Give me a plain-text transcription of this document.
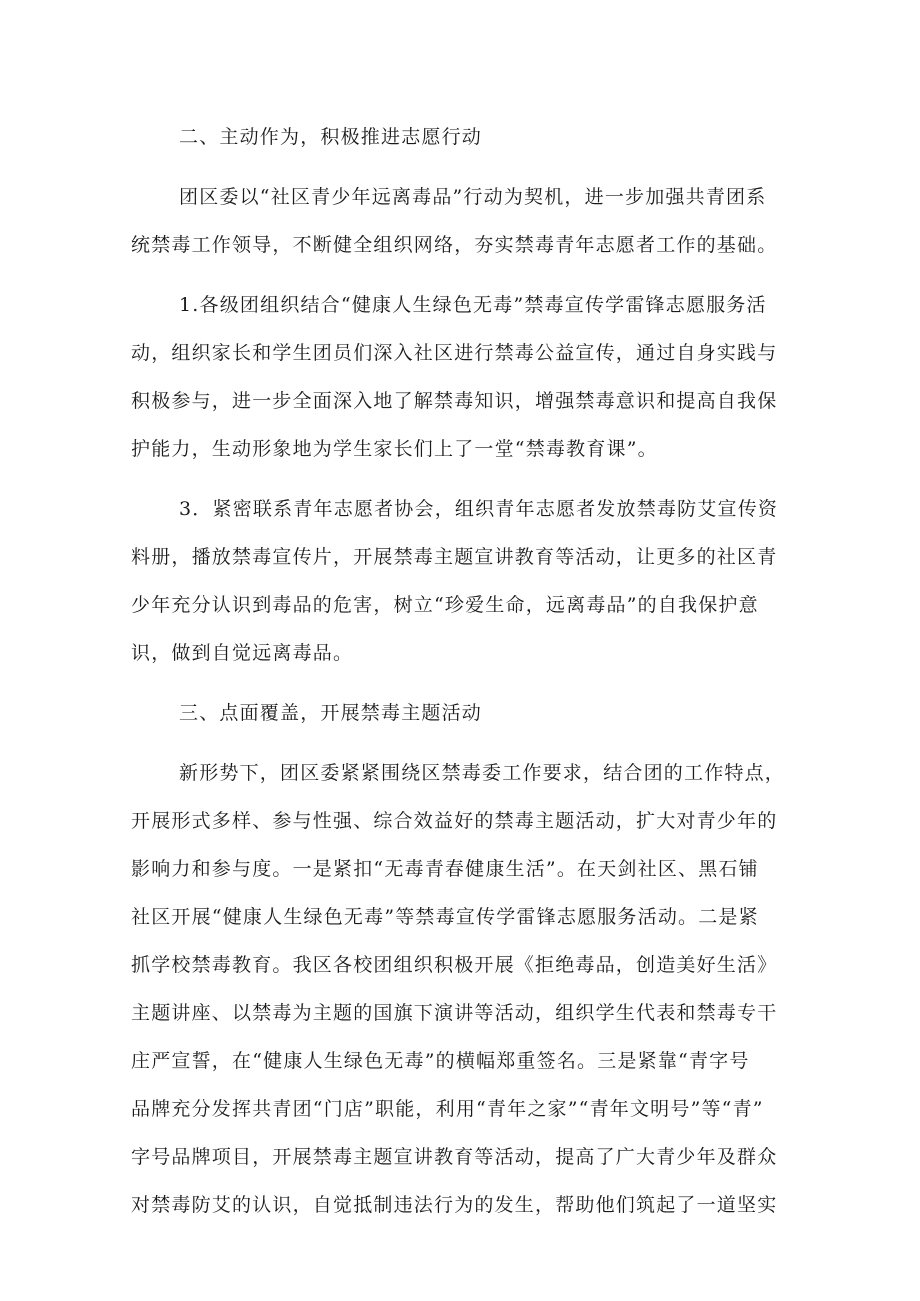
二、主动作为，积极推进志愿行动

团区委以“社区青少年远离毒品”行动为契机，进一步加强共青团系
统禁毒工作领导，不断健全组织网络，夯实禁毒青年志愿者工作的基础。

1.各级团组织结合“健康人生绿色无毒”禁毒宣传学雷锋志愿服务活
动，组织家长和学生团员们深入社区进行禁毒公益宣传，通过自身实践与
积极参与，进一步全面深入地了解禁毒知识，增强禁毒意识和提高自我保
护能力，生动形象地为学生家长们上了一堂“禁毒教育课”。

3．紧密联系青年志愿者协会，组织青年志愿者发放禁毒防艾宣传资
料册，播放禁毒宣传片，开展禁毒主题宣讲教育等活动，让更多的社区青
少年充分认识到毒品的危害，树立“珍爱生命，远离毒品”的自我保护意
识，做到自觉远离毒品。

三、点面覆盖，开展禁毒主题活动

新形势下，团区委紧紧围绕区禁毒委工作要求，结合团的工作特点，
开展形式多样、参与性强、综合效益好的禁毒主题活动，扩大对青少年的
影响力和参与度。一是紧扣“无毒青春健康生活”。在天剑社区、黑石铺
社区开展“健康人生绿色无毒”等禁毒宣传学雷锋志愿服务活动。二是紧
抓学校禁毒教育。我区各校团组织积极开展《拒绝毒品，创造美好生活》
主题讲座、以禁毒为主题的国旗下演讲等活动，组织学生代表和禁毒专干
庄严宣誓，在“健康人生绿色无毒”的横幅郑重签名。三是紧靠“青字号
品牌充分发挥共青团“门店”职能，利用“青年之家”“青年文明号”等“青”
字号品牌项目，开展禁毒主题宣讲教育等活动，提高了广大青少年及群众
对禁毒防艾的认识，自觉抵制违法行为的发生，帮助他们筑起了一道坚实
